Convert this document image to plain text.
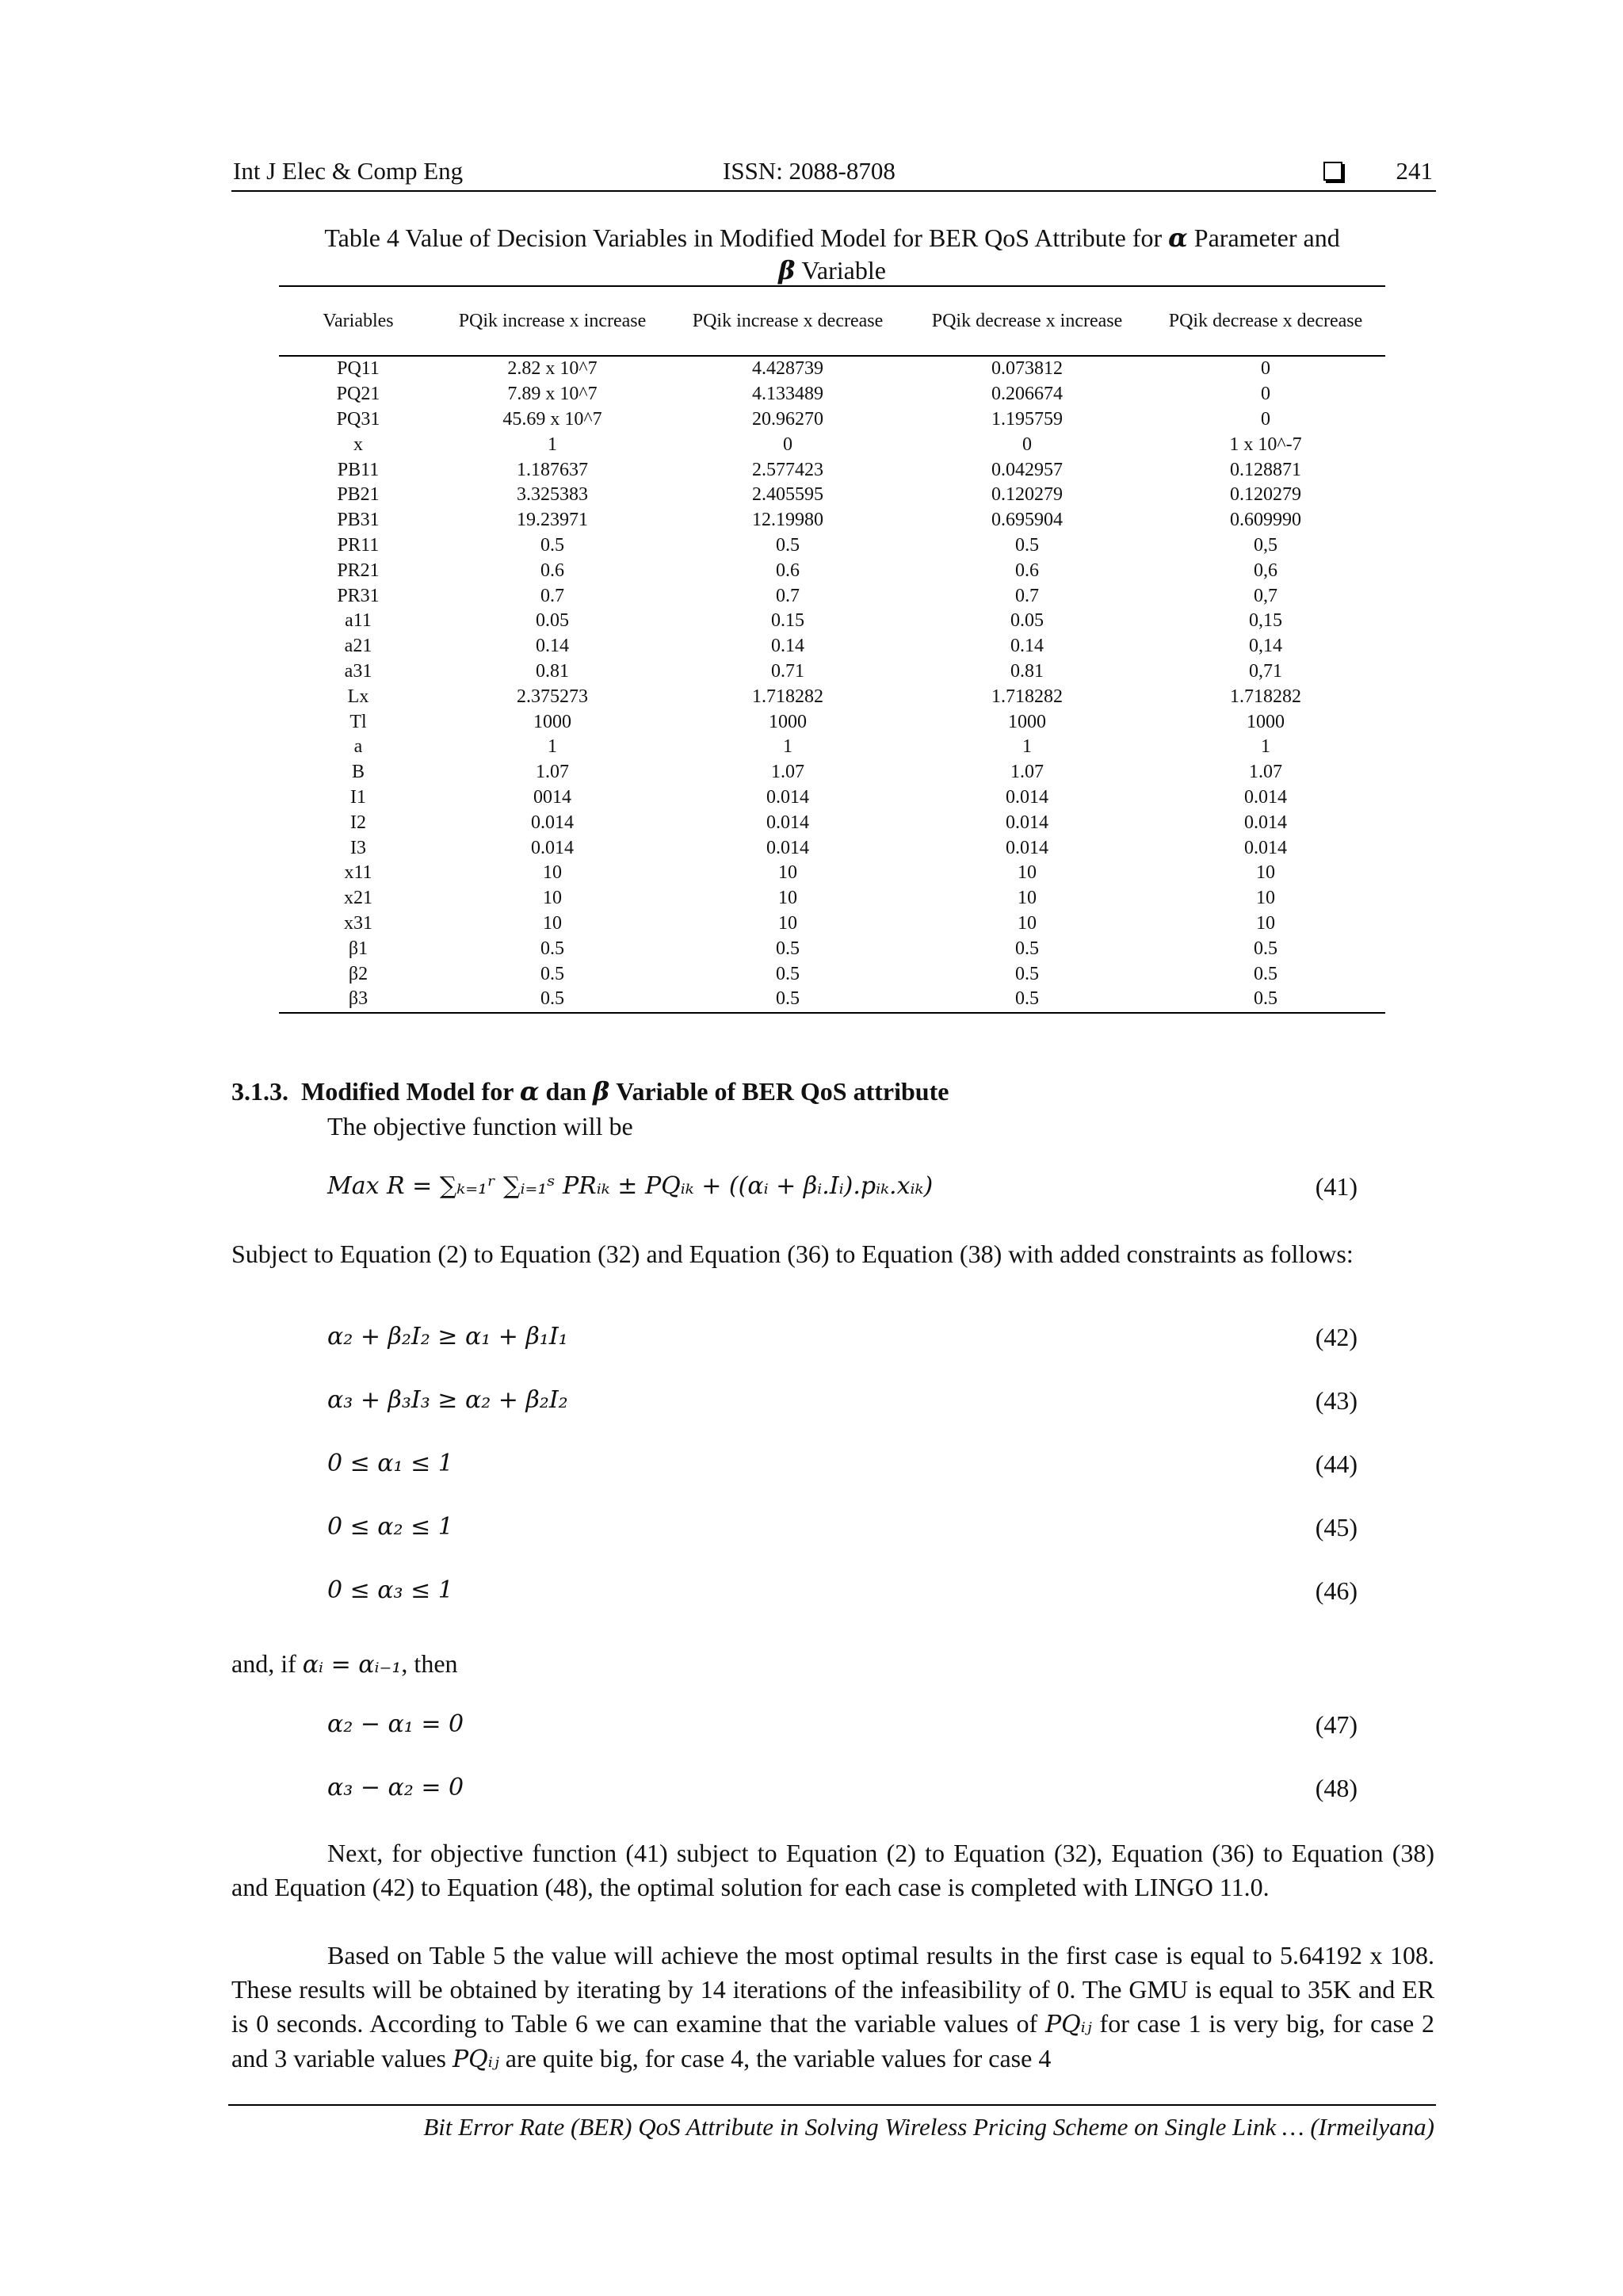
Int J Elec & Comp Eng	ISSN: 2088-8708	241
Table 4 Value of Decision Variables in Modified Model for BER QoS Attribute for α Parameter and
β Variable
Variables	PQik increase x increase	PQik increase x decrease	PQik decrease x increase	PQik decrease x decrease
PQ11	2.82 x 10^7	4.428739	0.073812	0
PQ21	7.89 x 10^7	4.133489	0.206674	0
PQ31	45.69 x 10^7	20.96270	1.195759	0
x	1	0	0	1 x 10^-7
PB11	1.187637	2.577423	0.042957	0.128871
PB21	3.325383	2.405595	0.120279	0.120279
PB31	19.23971	12.19980	0.695904	0.609990
PR11	0.5	0.5	0.5	0,5
PR21	0.6	0.6	0.6	0,6
PR31	0.7	0.7	0.7	0,7
a11	0.05	0.15	0.05	0,15
a21	0.14	0.14	0.14	0,14
a31	0.81	0.71	0.81	0,71
Lx	2.375273	1.718282	1.718282	1.718282
Tl	1000	1000	1000	1000
a	1	1	1	1
B	1.07	1.07	1.07	1.07
I1	0014	0.014	0.014	0.014
I2	0.014	0.014	0.014	0.014
I3	0.014	0.014	0.014	0.014
x11	10	10	10	10
x21	10	10	10	10
x31	10	10	10	10
β1	0.5	0.5	0.5	0.5
β2	0.5	0.5	0.5	0.5
β3	0.5	0.5	0.5	0.5
3.1.3. Modified Model for α dan β Variable of BER QoS attribute
The objective function will be
Max R = ∑ₖ₌₁ʳ ∑ᵢ₌₁ˢ PRᵢₖ ± PQᵢₖ + ((αᵢ + βᵢ.Iᵢ).pᵢₖ.xᵢₖ)	(41)
Subject to Equation (2) to Equation (32) and Equation (36) to Equation (38) with added constraints as follows:
α₂ + β₂I₂ ≥ α₁ + β₁I₁	(42)
α₃ + β₃I₃ ≥ α₂ + β₂I₂	(43)
0 ≤ α₁ ≤ 1	(44)
0 ≤ α₂ ≤ 1	(45)
0 ≤ α₃ ≤ 1	(46)
and, if αᵢ = αᵢ₋₁, then
α₂ − α₁ = 0	(47)
α₃ − α₂ = 0	(48)
Next, for objective function (41) subject to Equation (2) to Equation (32), Equation (36) to Equation (38) and Equation (42) to Equation (48), the optimal solution for each case is completed with LINGO 11.0.
Based on Table 5 the value will achieve the most optimal results in the first case is equal to 5.64192 x 108. These results will be obtained by iterating by 14 iterations of the infeasibility of 0. The GMU is equal to 35K and ER is 0 seconds. According to Table 6 we can examine that the variable values of PQᵢⱼ for case 1 is very big, for case 2 and 3 variable values PQᵢⱼ are quite big, for case 4, the variable values for case 4
Bit Error Rate (BER) QoS Attribute in Solving Wireless Pricing Scheme on Single Link … (Irmeilyana)
